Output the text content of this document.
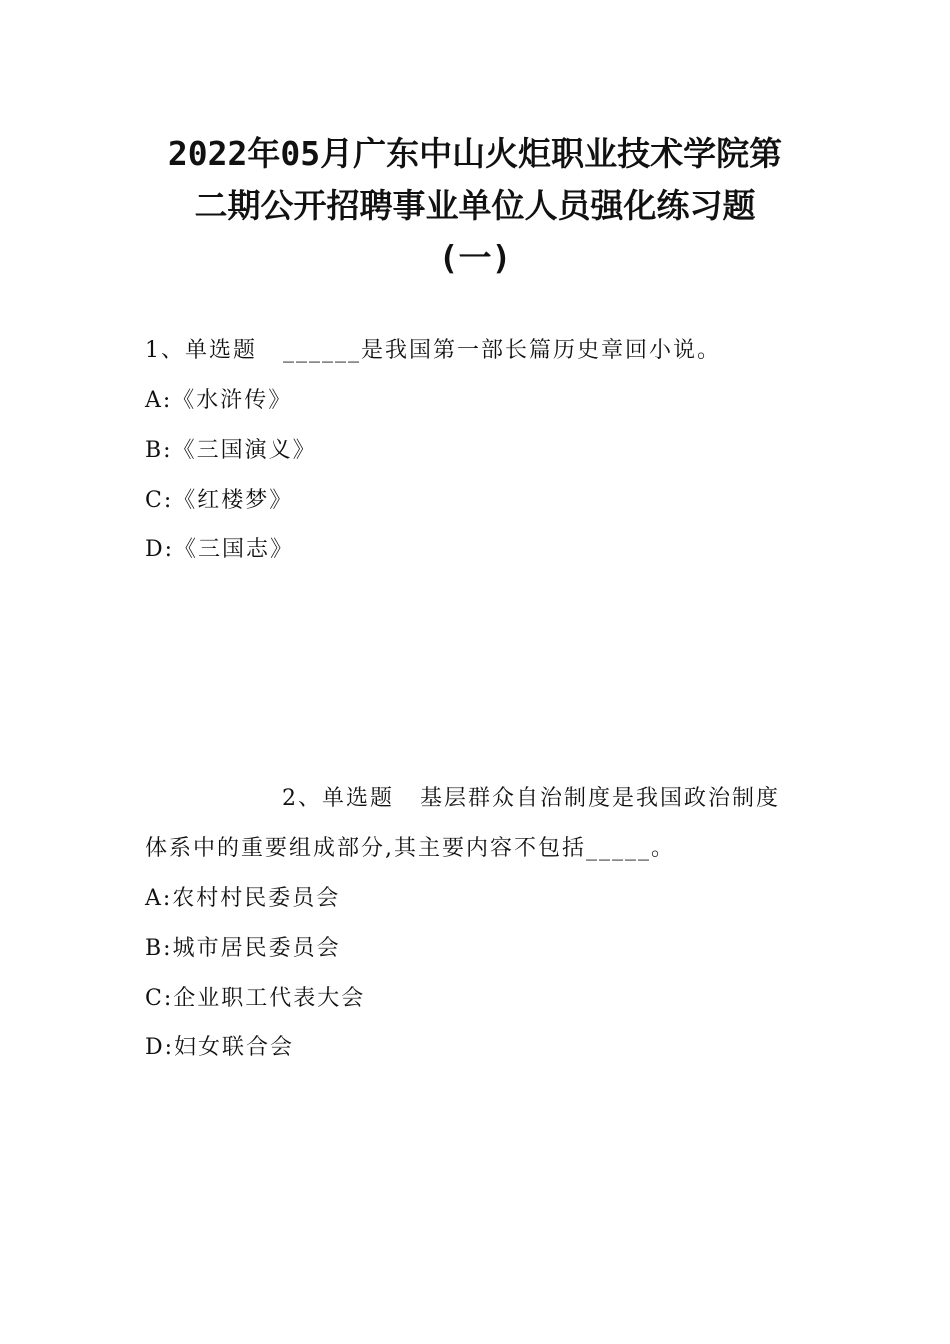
2022年05月广东中山火炬职业技术学院第
二期公开招聘事业单位人员强化练习题
(一)
1、单选题 ______是我国第一部长篇历史章回小说。
A:《水浒传》
B:《三国演义》
C:《红楼梦》
D:《三国志》
2、单选题 基层群众自治制度是我国政治制度
体系中的重要组成部分,其主要内容不包括_____。
A:农村村民委员会
B:城市居民委员会
C:企业职工代表大会
D:妇女联合会
